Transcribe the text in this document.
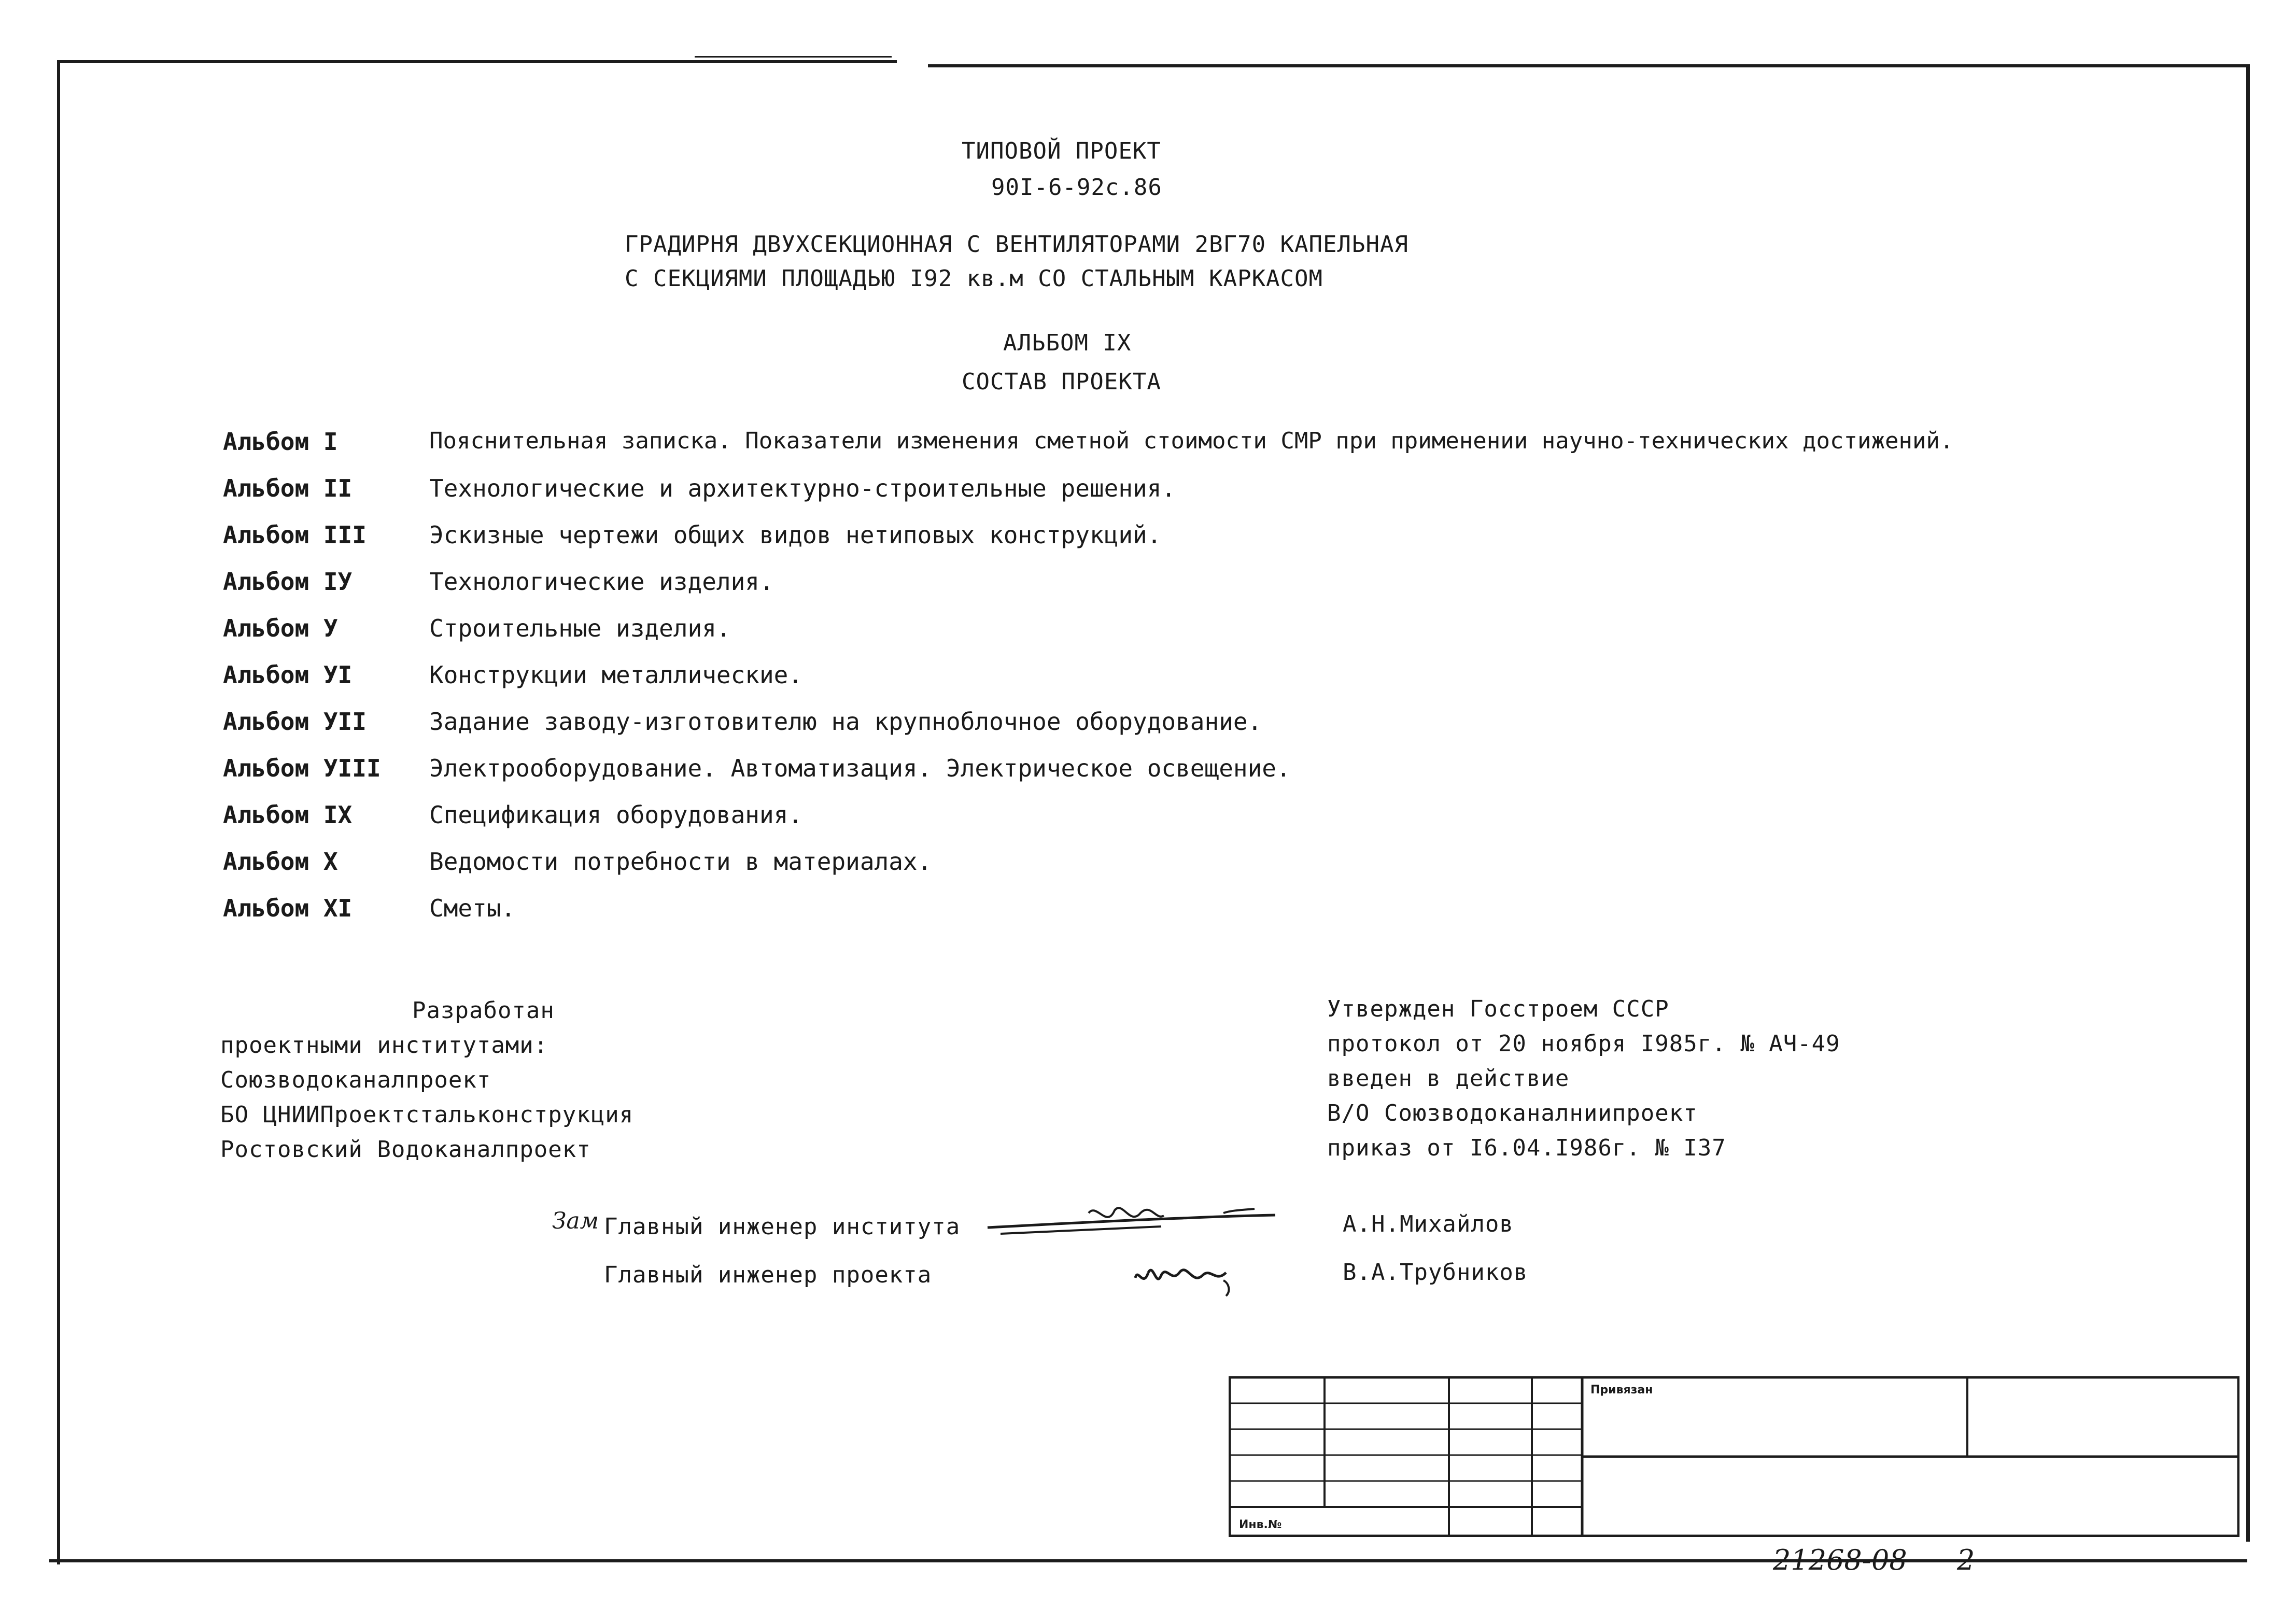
ТИПОВОЙ ПРОЕКТ
90I-6-92с.86
ГРАДИРНЯ ДВУХСЕКЦИОННАЯ С ВЕНТИЛЯТОРАМИ 2ВГ70 КАПЕЛЬНАЯ
С СЕКЦИЯМИ ПЛОЩАДЬЮ I92 кв.м СО СТАЛЬНЫМ КАРКАСОМ
АЛЬБОМ IX
СОСТАВ ПРОЕКТА
Альбом I	Пояснительная записка. Показатели изменения сметной стоимости СМР при применении научно-технических достижений.
Альбом II	Технологические и архитектурно-строительные решения.
Альбом III	Эскизные чертежи общих видов нетиповых конструкций.
Альбом IУ	Технологические изделия.
Альбом У	Строительные изделия.
Альбом УI	Конструкции металлические.
Альбом УII	Задание заводу-изготовителю на крупноблочное оборудование.
Альбом УIII Электрооборудование. Автоматизация. Электрическое освещение.
Альбом IX	Спецификация оборудования.
Альбом X	Ведомости потребности в материалах.
Альбом XI	Сметы.
Разработан
проектными институтами:
Союзводоканалпроект
БО ЦНИИПроектстальконструкция
Ростовский Водоканалпроект
Утвержден Госстроем СССР
протокол от 20 ноября I985г. № АЧ-49
введен в действие
В/О Союзводоканалниипроект
приказ от I6.04.I986г. № I37
Зам Главный инженер института	А.Н.Михайлов
Главный инженер проекта	В.А.Трубников
Привязан
Инв.№
21268-08 2
